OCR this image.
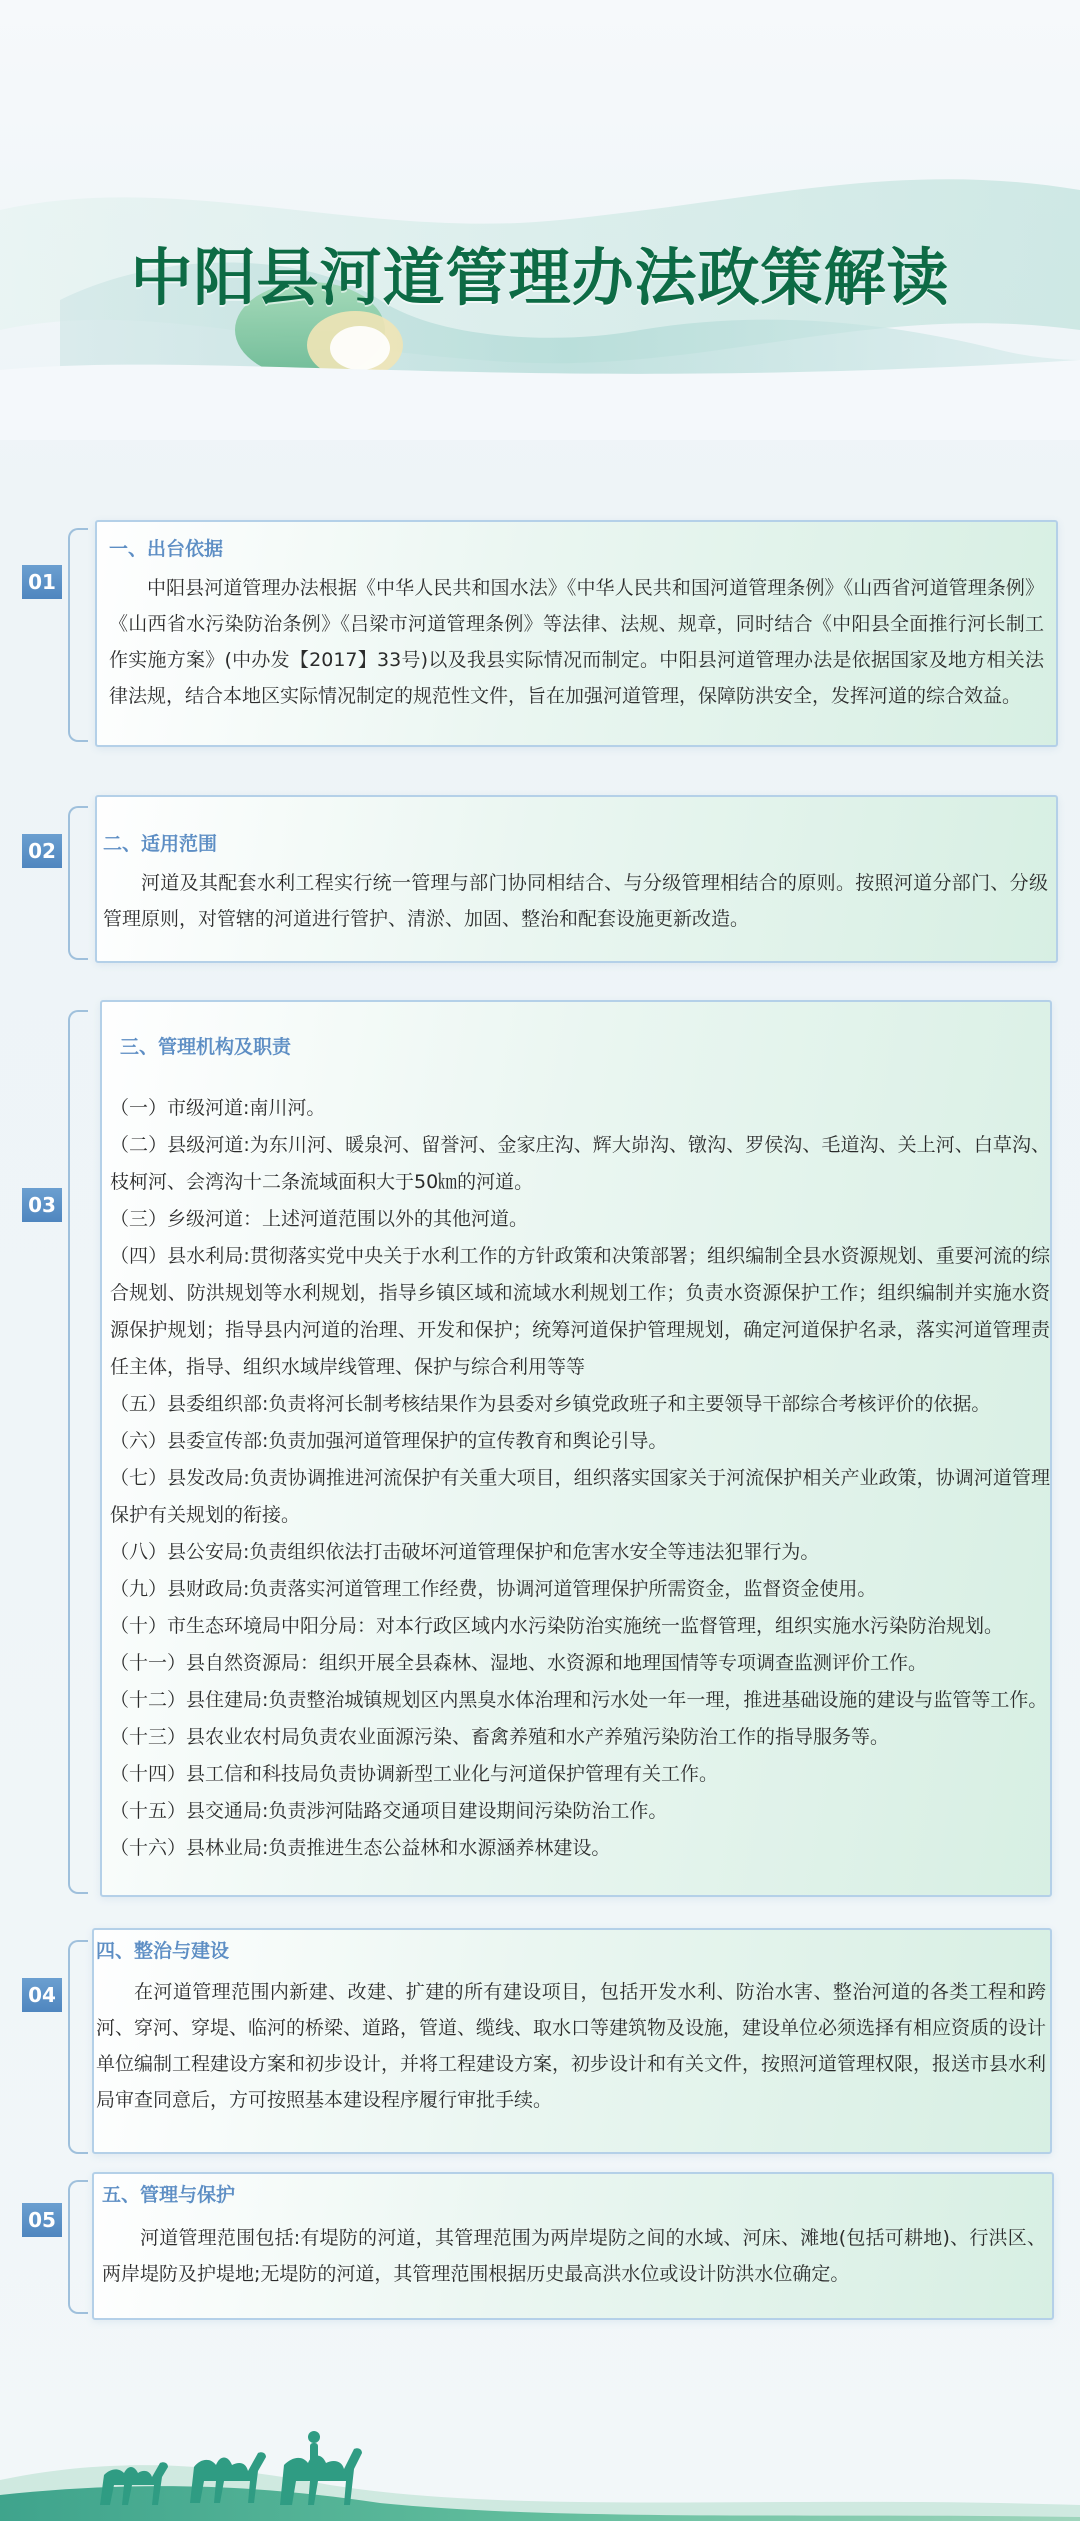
中阳县河道管理办法政策解读
01
一、出台依据

中阳县河道管理办法根据《中华人民共和国水法》《中华人民共和国河道管理条例》《山西省河道管理条例》《山西省水污染防治条例》《吕梁市河道管理条例》等法律、法规、规章，同时结合《中阳县全面推行河长制工作实施方案》(中办发【2017】33号)以及我县实际情况而制定。中阳县河道管理办法是依据国家及地方相关法律法规，结合本地区实际情况制定的规范性文件，旨在加强河道管理，保障防洪安全，发挥河道的综合效益。

02	二、适用范围

河道及其配套水利工程实行统一管理与部门协同相结合、与分级管理相结合的原则。按照河道分部门、分级管理原则，对管辖的河道进行管护、清淤、加固、整治和配套设施更新改造。

03
三、管理机构及职责

（一）市级河道:南川河。

（二）县级河道:为东川河、暖泉河、留誉河、金家庄沟、辉大峁沟、镦沟、罗侯沟、毛道沟、关上河、白草沟、枝柯河、会湾沟十二条流域面积大于50㎞的河道。

（三）乡级河道：上述河道范围以外的其他河道。

（四）县水利局:贯彻落实党中央关于水利工作的方针政策和决策部署；组织编制全县水资源规划、重要河流的综合规划、防洪规划等水利规划，指导乡镇区域和流域水利规划工作；负责水资源保护工作；组织编制并实施水资源保护规划；指导县内河道的治理、开发和保护；统筹河道保护管理规划，确定河道保护名录，落实河道管理责任主体，指导、组织水域岸线管理、保护与综合利用等等

（五）县委组织部:负责将河长制考核结果作为县委对乡镇党政班子和主要领导干部综合考核评价的依据。

（六）县委宣传部:负责加强河道管理保护的宣传教育和舆论引导。

（七）县发改局:负责协调推进河流保护有关重大项目，组织落实国家关于河流保护相关产业政策，协调河道管理保护有关规划的衔接。

（八）县公安局:负责组织依法打击破坏河道管理保护和危害水安全等违法犯罪行为。

（九）县财政局:负责落实河道管理工作经费，协调河道管理保护所需资金，监督资金使用。

（十）市生态环境局中阳分局：对本行政区域内水污染防治实施统一监督管理，组织实施水污染防治规划。

（十一）县自然资源局：组织开展全县森林、湿地、水资源和地理国情等专项调查监测评价工作。

（十二）县住建局:负责整治城镇规划区内黑臭水体治理和污水处一年一理，推进基础设施的建设与监管等工作。

（十三）县农业农村局负责农业面源污染、畜禽养殖和水产养殖污染防治工作的指导服务等。

（十四）县工信和科技局负责协调新型工业化与河道保护管理有关工作。

（十五）县交通局:负责涉河陆路交通项目建设期间污染防治工作。

（十六）县林业局:负责推进生态公益林和水源涵养林建设。

04
四、整治与建设

在河道管理范围内新建、改建、扩建的所有建设项目，包括开发水利、防治水害、整治河道的各类工程和跨河、穿河、穿堤、临河的桥梁、道路，管道、缆线、取水口等建筑物及设施，建设单位必须选择有相应资质的设计单位编制工程建设方案和初步设计，并将工程建设方案，初步设计和有关文件，按照河道管理权限，报送市县水利局审查同意后，方可按照基本建设程序履行审批手续。

05
五、管理与保护

河道管理范围包括:有堤防的河道，其管理范围为两岸堤防之间的水域、河床、滩地(包括可耕地)、行洪区、两岸堤防及护堤地;无堤防的河道，其管理范围根据历史最高洪水位或设计防洪水位确定。
